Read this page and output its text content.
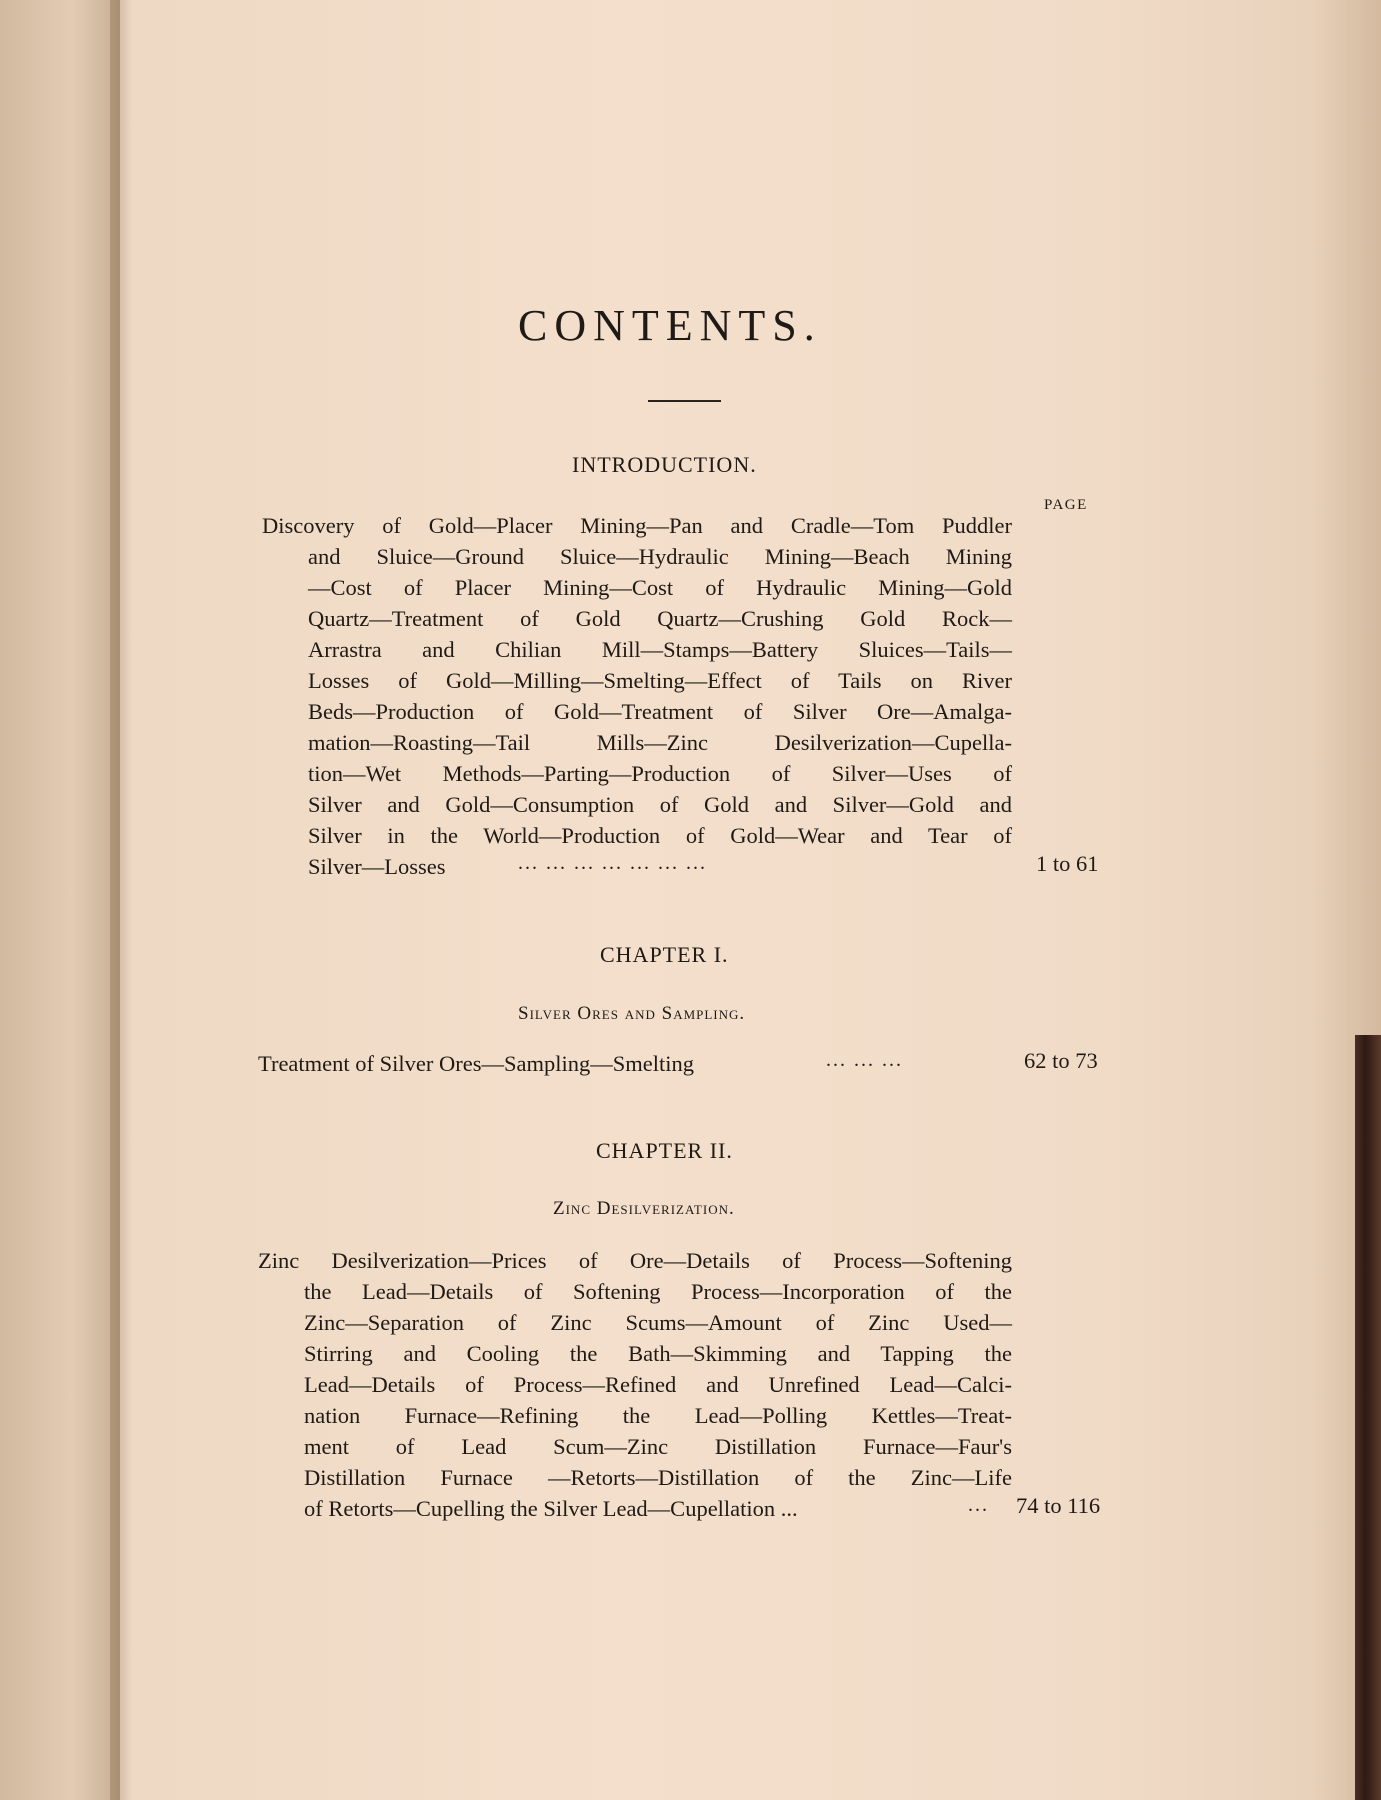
CONTENTS.
INTRODUCTION.
PAGE
Discovery of Gold—Placer Mining—Pan and Cradle—Tom Puddler
and Sluice—Ground Sluice—Hydraulic Mining—Beach Mining
—Cost of Placer Mining—Cost of Hydraulic Mining—Gold
Quartz—Treatment of Gold Quartz—Crushing Gold Rock—
Arrastra and Chilian Mill—Stamps—Battery Sluices—Tails—
Losses of Gold—Milling—Smelting—Effect of Tails on River
Beds—Production of Gold—Treatment of Silver Ore—Amalga-
mation—Roasting—Tail Mills—Zinc Desilverization—Cupella-
tion—Wet Methods—Parting—Production of Silver—Uses of
Silver and Gold—Consumption of Gold and Silver—Gold and
Silver in the World—Production of Gold—Wear and Tear of
Silver—Losses	... ... ... ... ... ... ...	1 to 61
CHAPTER I.
Silver Ores and Sampling.
Treatment of Silver Ores—Sampling—Smelting	... ... ...	62 to 73
CHAPTER II.
Zinc Desilverization.
Zinc Desilverization—Prices of Ore—Details of Process—Softening
the Lead—Details of Softening Process—Incorporation of the
Zinc—Separation of Zinc Scums—Amount of Zinc Used—
Stirring and Cooling the Bath—Skimming and Tapping the
Lead—Details of Process—Refined and Unrefined Lead—Calci-
nation Furnace—Refining the Lead—Polling Kettles—Treat-
ment of Lead Scum—Zinc Distillation Furnace—Faur's
Distillation Furnace —Retorts—Distillation of the Zinc—Life
of Retorts—Cupelling the Silver Lead—Cupellation ...	... 74 to 116
